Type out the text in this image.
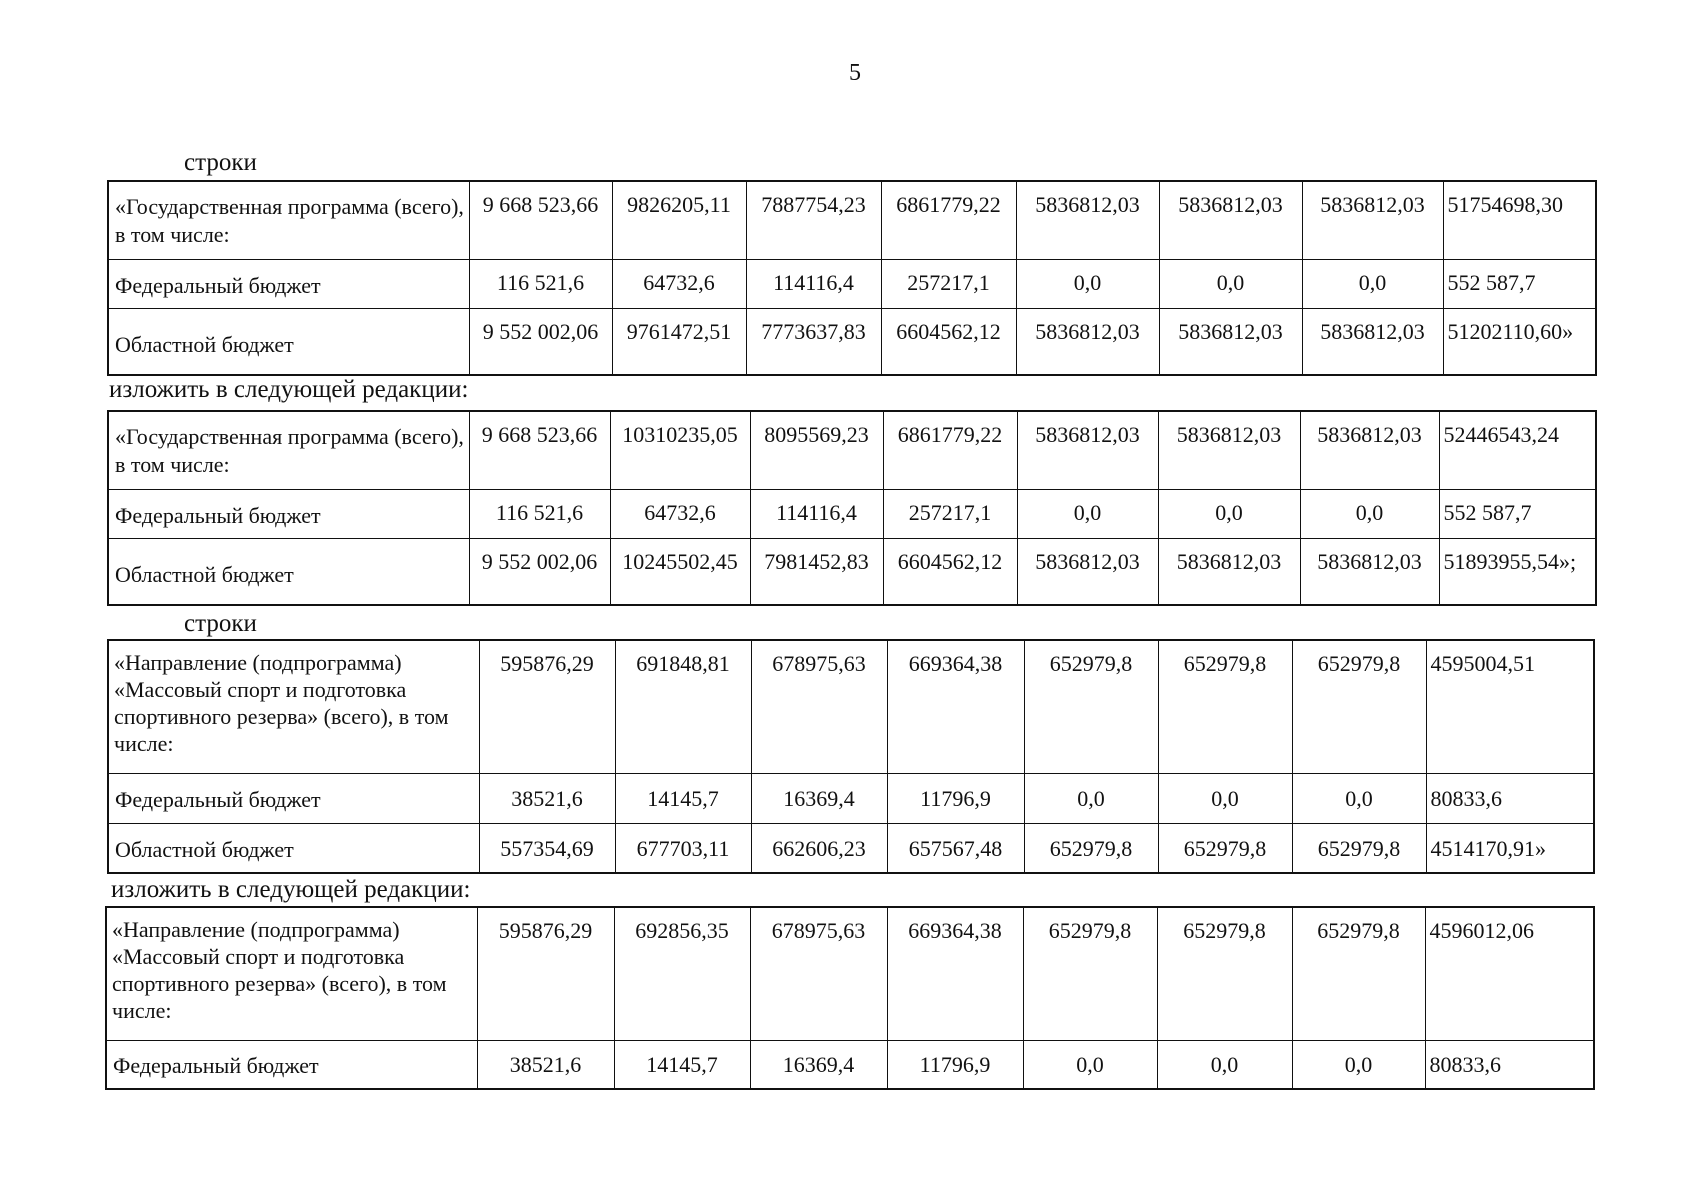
5
строки
«Государственная программа (всего), в том числе:	9 668 523,66	9826205,11	7887754,23	6861779,22	5836812,03	5836812,03	5836812,03	51754698,30
Федеральный бюджет	116 521,6	64732,6	114116,4	257217,1	0,0	0,0	0,0	552 587,7
Областной бюджет	9 552 002,06	9761472,51	7773637,83	6604562,12	5836812,03	5836812,03	5836812,03	51202110,60»
изложить в следующей редакции:
«Государственная программа (всего), в том числе:	9 668 523,66	10310235,05	8095569,23	6861779,22	5836812,03	5836812,03	5836812,03	52446543,24
Федеральный бюджет	116 521,6	64732,6	114116,4	257217,1	0,0	0,0	0,0	552 587,7
Областной бюджет	9 552 002,06	10245502,45	7981452,83	6604562,12	5836812,03	5836812,03	5836812,03	51893955,54»;
строки
«Направление (подпрограмма) «Массовый спорт и подготовка спортивного резерва» (всего), в том числе:	595876,29	691848,81	678975,63	669364,38	652979,8	652979,8	652979,8	4595004,51
Федеральный бюджет	38521,6	14145,7	16369,4	11796,9	0,0	0,0	0,0	80833,6
Областной бюджет	557354,69	677703,11	662606,23	657567,48	652979,8	652979,8	652979,8	4514170,91»
изложить в следующей редакции:
«Направление (подпрограмма) «Массовый спорт и подготовка спортивного резерва» (всего), в том числе:	595876,29	692856,35	678975,63	669364,38	652979,8	652979,8	652979,8	4596012,06
Федеральный бюджет	38521,6	14145,7	16369,4	11796,9	0,0	0,0	0,0	80833,6
